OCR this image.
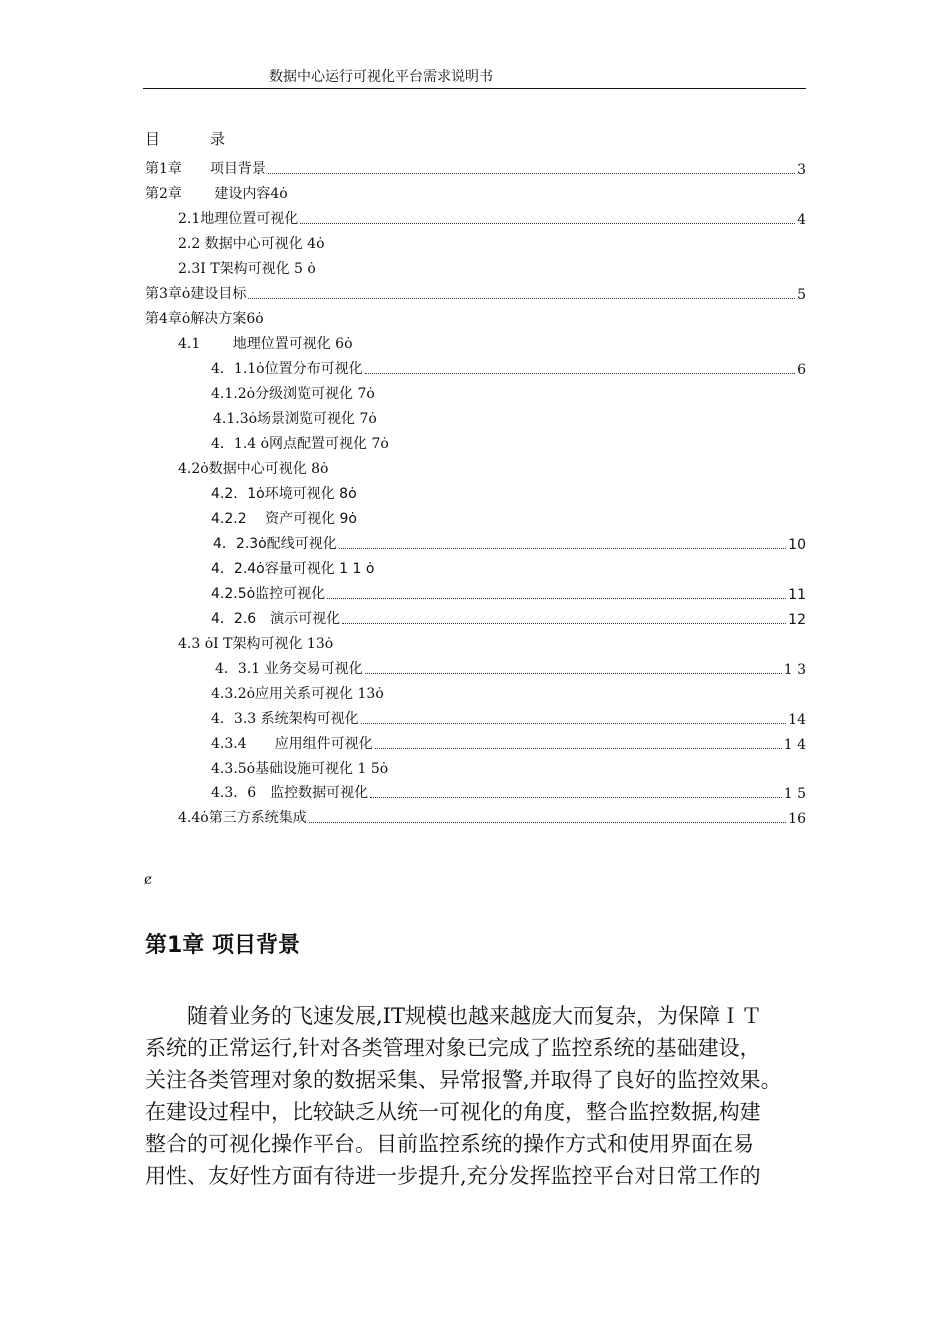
数据中心运行可视化平台需求说明书
目录
第1章　　项目背景	3
第2章　　 建设内容4ȯ
2.1地理位置可视化	4
2.2 数据中心可视化 4ȯ
2.3I T架构可视化 5 ȯ
第3章ȯ建设目标	5
第4章ȯ解决方案6ȯ
4.1　　 地理位置可视化 6ȯ
4．1.1ȯ位置分布可视化	6
4.1.2ȯ分级浏览可视化 7ȯ
4.1.3ȯ场景浏览可视化 7ȯ
4．1.4 ȯ网点配置可视化 7ȯ
4.2ȯ数据中心可视化 8ȯ
4.2．1ȯ环境可视化 8ȯ
4.2.2　 资产可视化 9ȯ
4．2.3ȯ配线可视化	10
4．2.4ȯ容量可视化 1 1 ȯ
4.2.5ȯ监控可视化	11
4．2.6　演示可视化	12
4.3 ȯI T架构可视化 13ȯ
4．3.1 业务交易可视化	1 3
4.3.2ȯ应用关系可视化 13ȯ
4．3.3 系统架构可视化	14
4.3.4　　应用组件可视化	1 4
4.3.5ȯ基础设施可视化 1 5ȯ
4.3．6　监控数据可视化	1 5
4.4ȯ第三方系统集成	16
ȼ
第1章 项目背景
　　随着业务的飞速发展,IT规模也越来越庞大而复杂，为保障ＩＴ
系统的正常运行,针对各类管理对象已完成了监控系统的基础建设，
关注各类管理对象的数据采集、异常报警,并取得了良好的监控效果。
在建设过程中，比较缺乏从统一可视化的角度，整合监控数据,构建
整合的可视化操作平台。目前监控系统的操作方式和使用界面在易
用性、友好性方面有待进一步提升,充分发挥监控平台对日常工作的
